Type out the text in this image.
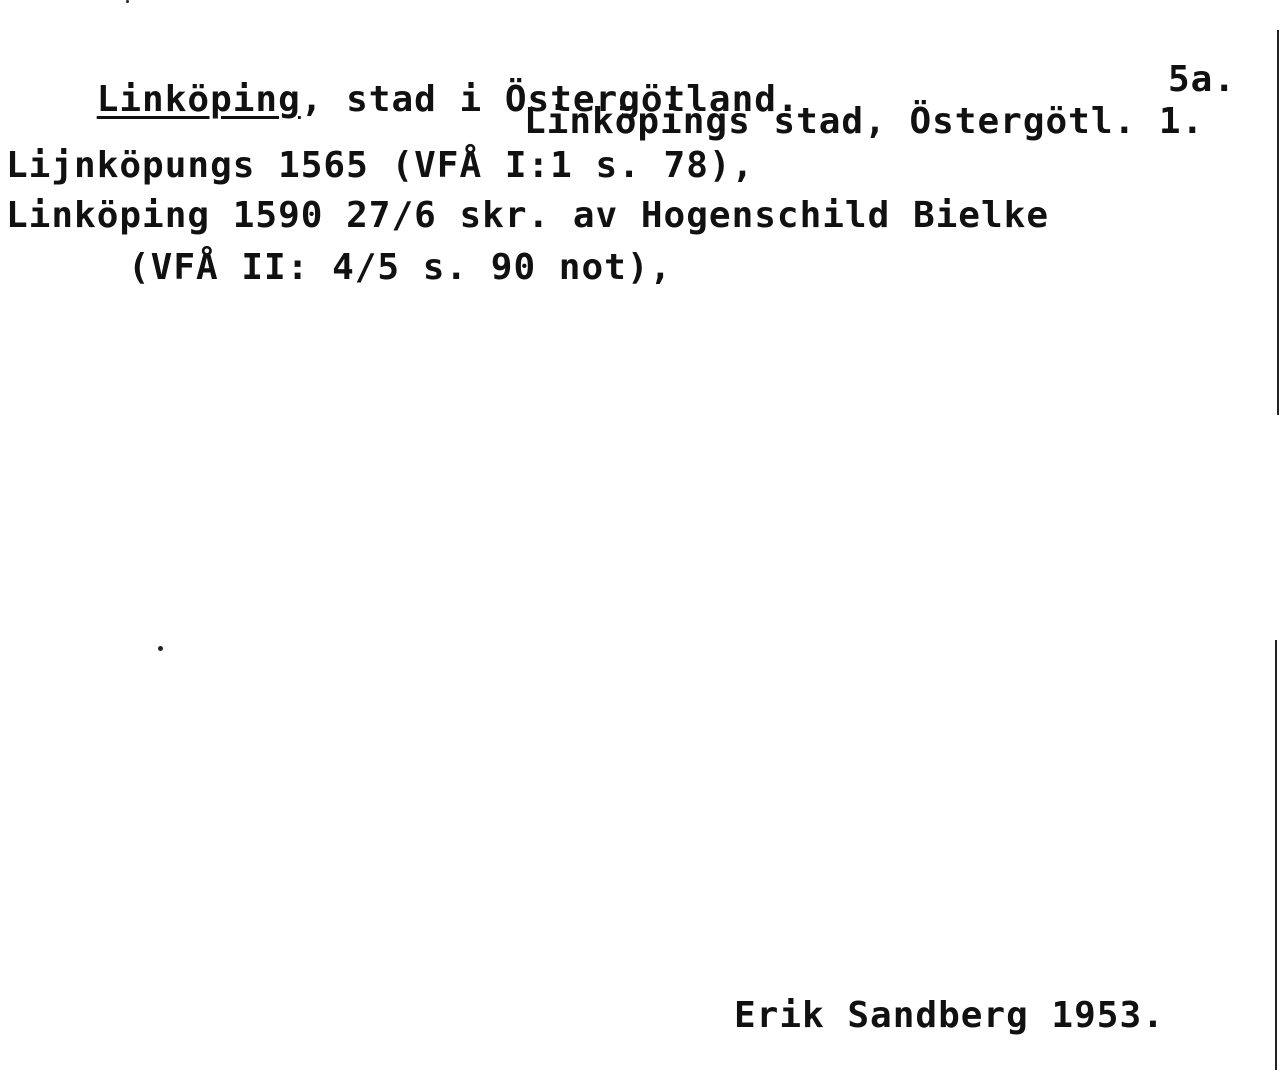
Linköping, stad i Östergötland.
	5a.
Linköpings stad, Östergötl. 1.
Lijnköpungs 1565 (VFÅ I:1 s. 78),
Linköping 1590 27/6 skr. av Hogenschild Bielke
(VFÅ II: 4/5 s. 90 not),
Erik Sandberg 1953.
